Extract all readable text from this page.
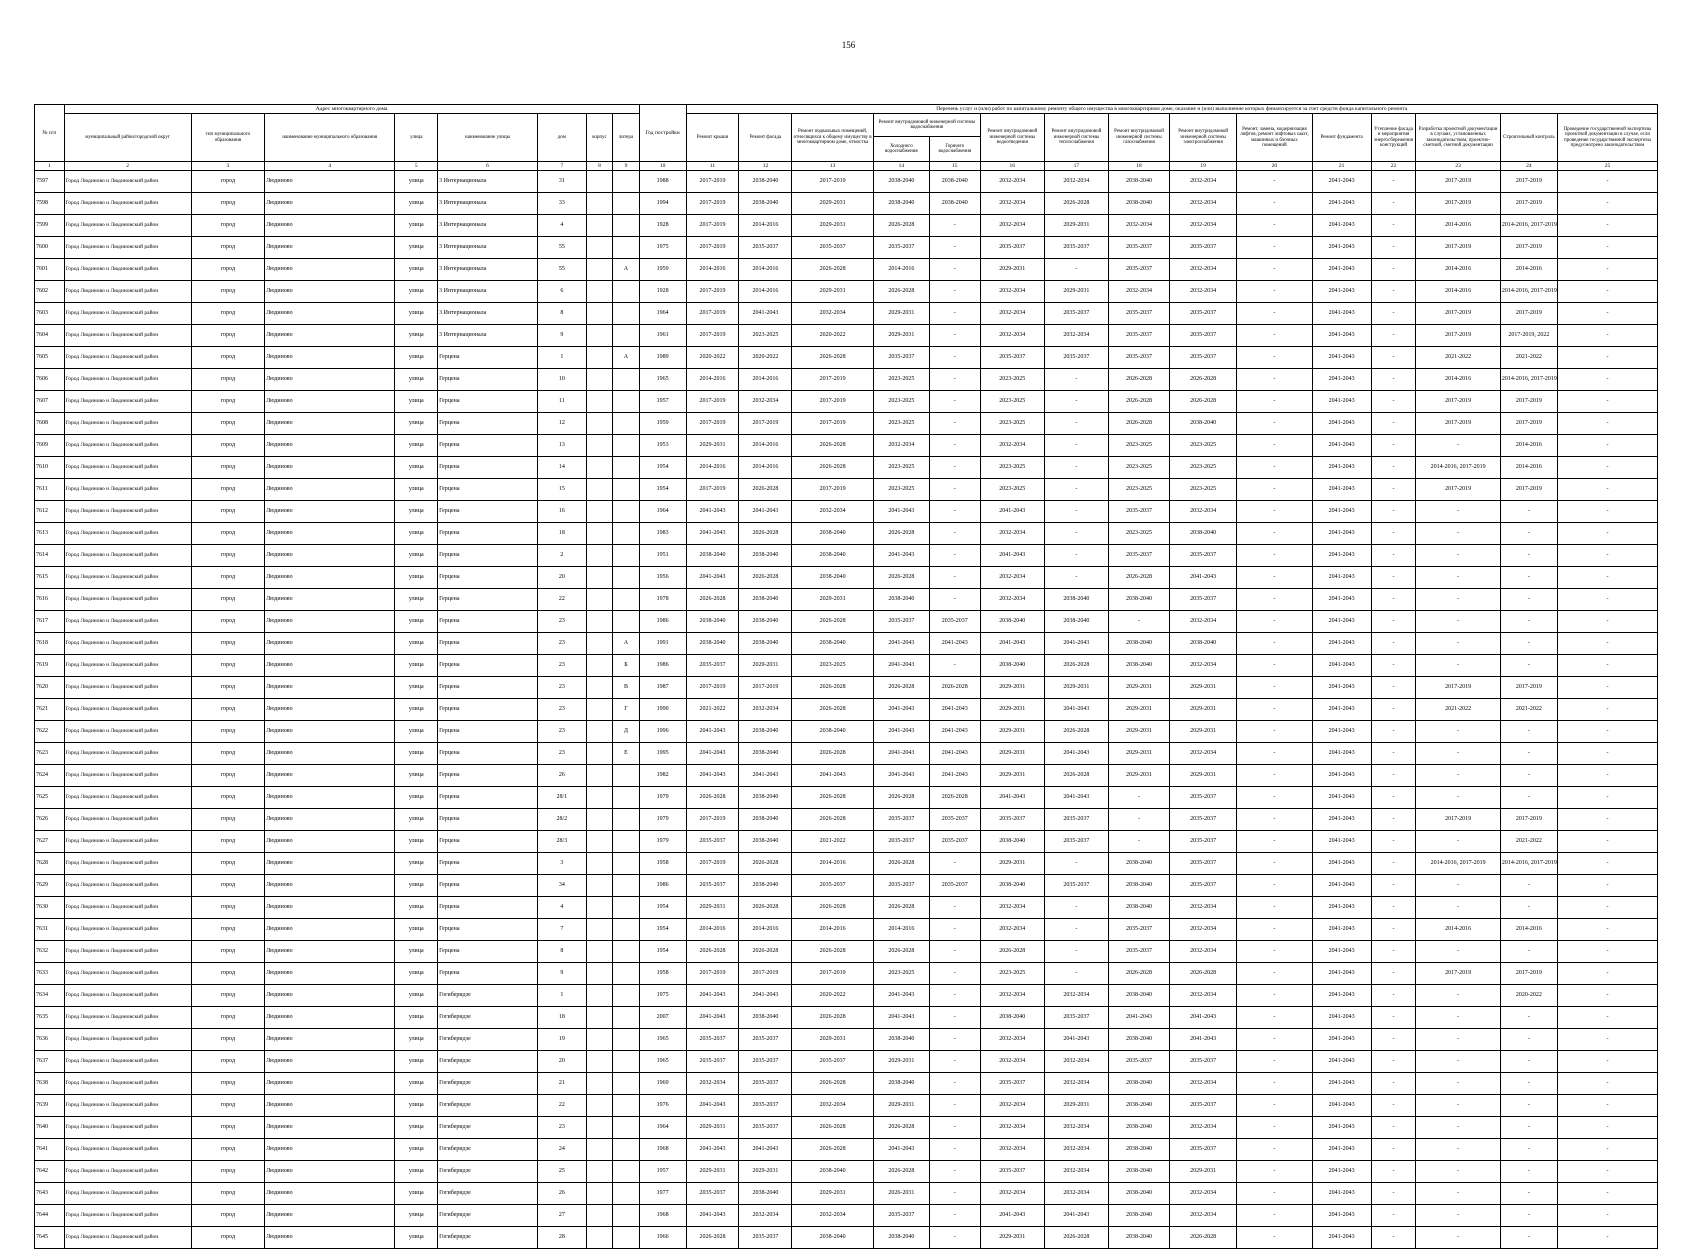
156
№ п/п	Адрес многоквартирного дома								Год постройки	Перечень услуг и (или) работ по капитальному ремонту общего имущества в многоквартирном доме, оказание и (или) выполнение которых финансируется за счет средств фонда капитального ремонта														
	муниципальный район/городской округ	тип муниципального образования	наименование муниципального образования	улица	наименование улицы	дом	корпус	литера		Ремонт крыши	Ремонт фасада	Ремонт подвальных помещений, относящихся к общему имуществу в многоквартирном доме, отмостка	Ремонт внутридомовой инженерной системы водоснабжения		Ремонт внутридомовой инженерной системы водоотведения	Ремонт внутридомовой инженерной системы теплоснабжения	Ремонт внутридомовой инженерной системы газоснабжения	Ремонт внутридомовой инженерной системы электроснабжения	Ремонт, замена, модернизация лифтов, ремонт лифтовых шахт, машинных и блочных помещений	Ремонт фундамента	Утепление фасада и мероприятия энергосбережения конструкций	Разработка проектной документации в случаях, установленных законодательством, проектно-сметной, сметной документации	Строительный контроль	Проведение государственной экспертизы проектной документации в случае, если проведение государственной экспертизы предусмотрено законодательством
													Холодного водоснабжения	Горячего водоснабжения										
1	2	3	4	5	6	7	8	9	10	11	12	13	14	15	16	17	18	19	20	21	22	23	24	25
7597	Город Людиново и Людиновский район	город	Людиново	улица	3 Интернационала	31			1988	2017-2019	2038-2040	2017-2019	2038-2040	2038-2040	2032-2034	2032-2034	2038-2040	2032-2034	-	2041-2043	-	2017-2019	2017-2019	-
7598	Город Людиново и Людиновский район	город	Людиново	улица	3 Интернационала	33			1994	2017-2019	2038-2040	2029-2031	2038-2040	2038-2040	2032-2034	2026-2028	2038-2040	2032-2034	-	2041-2043	-	2017-2019	2017-2019	-
7599	Город Людиново и Людиновский район	город	Людиново	улица	3 Интернационала	4			1928	2017-2019	2014-2016	2029-2031	2026-2028	-	2032-2034	2029-2031	2032-2034	2032-2034	-	2041-2043	-	2014-2016	2014-2016, 2017-2019	-
7600	Город Людиново и Людиновский район	город	Людиново	улица	3 Интернационала	55			1975	2017-2019	2035-2037	2035-2037	2035-2037	-	2035-2037	2035-2037	2035-2037	2035-2037	-	2041-2043	-	2017-2019	2017-2019	-
7601	Город Людиново и Людиновский район	город	Людиново	улица	3 Интернационала	55		А	1959	2014-2016	2014-2016	2026-2028	2014-2016	-	2029-2031	-	2035-2037	2032-2034	-	2041-2043	-	2014-2016	2014-2016	-
7602	Город Людиново и Людиновский район	город	Людиново	улица	3 Интернационала	6			1928	2017-2019	2014-2016	2029-2031	2026-2028	-	2032-2034	2029-2031	2032-2034	2032-2034	-	2041-2043	-	2014-2016	2014-2016, 2017-2019	-
7603	Город Людиново и Людиновский район	город	Людиново	улица	3 Интернационала	8			1964	2017-2019	2041-2043	2032-2034	2029-2031	-	2032-2034	2035-2037	2035-2037	2035-2037	-	2041-2043	-	2017-2019	2017-2019	-
7604	Город Людиново и Людиновский район	город	Людиново	улица	3 Интернационала	9			1961	2017-2019	2023-2025	2020-2022	2029-2031	-	2032-2034	2032-2034	2035-2037	2035-2037	-	2041-2043	-	2017-2019	2017-2019, 2022	-
7605	Город Людиново и Людиновский район	город	Людиново	улица	Герцена	1		А	1989	2020-2022	2020-2022	2026-2028	2035-2037	-	2035-2037	2035-2037	2035-2037	2035-2037	-	2041-2043	-	2021-2022	2021-2022	-
7606	Город Людиново и Людиновский район	город	Людиново	улица	Герцена	10			1965	2014-2016	2014-2016	2017-2019	2023-2025	-	2023-2025	-	2026-2028	2026-2028	-	2041-2043	-	2014-2016	2014-2016, 2017-2019	-
7607	Город Людиново и Людиновский район	город	Людиново	улица	Герцена	11			1957	2017-2019	2032-2034	2017-2019	2023-2025	-	2023-2025	-	2026-2028	2026-2028	-	2041-2043	-	2017-2019	2017-2019	-
7608	Город Людиново и Людиновский район	город	Людиново	улица	Герцена	12			1959	2017-2019	2017-2019	2017-2019	2023-2025	-	2023-2025	-	2026-2028	2038-2040	-	2041-2043	-	2017-2019	2017-2019	-
7609	Город Людиново и Людиновский район	город	Людиново	улица	Герцена	13			1953	2029-2031	2014-2016	2026-2028	2032-2034	-	2032-2034	-	2023-2025	2023-2025	-	2041-2043	-	-	2014-2016	-
7610	Город Людиново и Людиновский район	город	Людиново	улица	Герцена	14			1954	2014-2016	2014-2016	2026-2028	2023-2025	-	2023-2025	-	2023-2025	2023-2025	-	2041-2043	-	2014-2016, 2017-2019	2014-2016	-
7611	Город Людиново и Людиновский район	город	Людиново	улица	Герцена	15			1954	2017-2019	2026-2028	2017-2019	2023-2025	-	2023-2025	-	2023-2025	2023-2025	-	2041-2043	-	2017-2019	2017-2019	-
7612	Город Людиново и Людиновский район	город	Людиново	улица	Герцена	16			1964	2041-2043	2041-2043	2032-2034	2041-2043	-	2041-2043	-	2035-2037	2032-2034	-	2041-2043	-	-	-	-
7613	Город Людиново и Людиновский район	город	Людиново	улица	Герцена	18			1983	2041-2043	2026-2028	2038-2040	2026-2028	-	2032-2034	-	2023-2025	2038-2040	-	2041-2043	-	-	-	-
7614	Город Людиново и Людиновский район	город	Людиново	улица	Герцена	2			1951	2038-2040	2038-2040	2038-2040	2041-2043	-	2041-2043	-	2035-2037	2035-2037	-	2041-2043	-	-	-	-
7615	Город Людиново и Людиновский район	город	Людиново	улица	Герцена	20			1956	2041-2043	2026-2028	2038-2040	2026-2028	-	2032-2034	-	2026-2028	2041-2043	-	2041-2043	-	-	-	-
7616	Город Людиново и Людиновский район	город	Людиново	улица	Герцена	22			1978	2026-2028	2038-2040	2029-2031	2038-2040	-	2032-2034	2038-2040	2038-2040	2035-2037	-	2041-2043	-	-	-	-
7617	Город Людиново и Людиновский район	город	Людиново	улица	Герцена	23			1986	2038-2040	2038-2040	2026-2028	2035-2037	2035-2037	2038-2040	2038-2040	-	2032-2034	-	2041-2043	-	-	-	-
7618	Город Людиново и Людиновский район	город	Людиново	улица	Герцена	23		А	1991	2038-2040	2038-2040	2038-2040	2041-2043	2041-2043	2041-2043	2041-2043	2038-2040	2038-2040	-	2041-2043	-	-	-	-
7619	Город Людиново и Людиновский район	город	Людиново	улица	Герцена	23		Б	1986	2035-2037	2029-2031	2023-2025	2041-2043	-	2038-2040	2026-2028	2038-2040	2032-2034	-	2041-2043	-	-	-	-
7620	Город Людиново и Людиновский район	город	Людиново	улица	Герцена	23		В	1987	2017-2019	2017-2019	2026-2028	2026-2028	2026-2028	2029-2031	2029-2031	2029-2031	2029-2031	-	2041-2043	-	2017-2019	2017-2019	-
7621	Город Людиново и Людиновский район	город	Людиново	улица	Герцена	23		Г	1990	2021-2022	2032-2034	2026-2028	2041-2043	2041-2043	2029-2031	2041-2043	2029-2031	2029-2031	-	2041-2043	-	2021-2022	2021-2022	-
7622	Город Людиново и Людиновский район	город	Людиново	улица	Герцена	23		Д	1996	2041-2043	2038-2040	2038-2040	2041-2043	2041-2043	2029-2031	2026-2028	2029-2031	2029-2031	-	2041-2043	-	-	-	-
7623	Город Людиново и Людиновский район	город	Людиново	улица	Герцена	23		Е	1995	2041-2043	2038-2040	2026-2028	2041-2043	2041-2043	2029-2031	2041-2043	2029-2031	2032-2034	-	2041-2043	-	-	-	-
7624	Город Людиново и Людиновский район	город	Людиново	улица	Герцена	26			1982	2041-2043	2041-2043	2041-2043	2041-2043	2041-2043	2029-2031	2026-2028	2029-2031	2029-2031	-	2041-2043	-	-	-	-
7625	Город Людиново и Людиновский район	город	Людиново	улица	Герцена	28/1			1979	2026-2028	2038-2040	2026-2028	2026-2028	2026-2028	2041-2043	2041-2043	-	2035-2037	-	2041-2043	-	-	-	-
7626	Город Людиново и Людиновский район	город	Людиново	улица	Герцена	28/2			1979	2017-2019	2038-2040	2026-2028	2035-2037	2035-2037	2035-2037	2035-2037	-	2035-2037	-	2041-2043	-	2017-2019	2017-2019	-
7627	Город Людиново и Людиновский район	город	Людиново	улица	Герцена	28/3			1979	2035-2037	2038-2040	2021-2022	2035-2037	2035-2037	2038-2040	2035-2037	-	2035-2037	-	2041-2043	-	-	2021-2022	-
7628	Город Людиново и Людиновский район	город	Людиново	улица	Герцена	3			1958	2017-2019	2026-2028	2014-2016	2026-2028	-	2029-2031	-	2038-2040	2035-2037	-	2041-2043	-	2014-2016, 2017-2019	2014-2016, 2017-2019	-
7629	Город Людиново и Людиновский район	город	Людиново	улица	Герцена	34			1986	2035-2037	2038-2040	2035-2037	2035-2037	2035-2037	2038-2040	2035-2037	2038-2040	2035-2037	-	2041-2043	-	-	-	-
7630	Город Людиново и Людиновский район	город	Людиново	улица	Герцена	4			1954	2029-2031	2026-2028	2026-2028	2026-2028	-	2032-2034	-	2038-2040	2032-2034	-	2041-2043	-	-	-	-
7631	Город Людиново и Людиновский район	город	Людиново	улица	Герцена	7			1954	2014-2016	2014-2016	2014-2016	2014-2016	-	2032-2034	-	2035-2037	2032-2034	-	2041-2043	-	2014-2016	2014-2016	-
7632	Город Людиново и Людиновский район	город	Людиново	улица	Герцена	8			1954	2026-2028	2026-2028	2026-2028	2026-2028	-	2026-2028	-	2035-2037	2032-2034	-	2041-2043	-	-	-	-
7633	Город Людиново и Людиновский район	город	Людиново	улица	Герцена	9			1958	2017-2019	2017-2019	2017-2019	2023-2025	-	2023-2025	-	2026-2028	2026-2028	-	2041-2043	-	2017-2019	2017-2019	-
7634	Город Людиново и Людиновский район	город	Людиново	улица	Гогиберидзе	1			1975	2041-2043	2041-2043	2020-2022	2041-2043	-	2032-2034	2032-2034	2038-2040	2032-2034	-	2041-2043	-	-	2020-2022	-
7635	Город Людиново и Людиновский район	город	Людиново	улица	Гогиберидзе	18			2007	2041-2043	2038-2040	2026-2028	2041-2043	-	2038-2040	2035-2037	2041-2043	2041-2043	-	2041-2043	-	-	-	-
7636	Город Людиново и Людиновский район	город	Людиново	улица	Гогиберидзе	19			1965	2035-2037	2035-2037	2029-2031	2038-2040	-	2032-2034	2041-2043	2038-2040	2041-2043	-	2041-2043	-	-	-	-
7637	Город Людиново и Людиновский район	город	Людиново	улица	Гогиберидзе	20			1965	2035-2037	2035-2037	2035-2037	2029-2031	-	2032-2034	2032-2034	2035-2037	2035-2037	-	2041-2043	-	-	-	-
7638	Город Людиново и Людиновский район	город	Людиново	улица	Гогиберидзе	21			1969	2032-2034	2035-2037	2026-2028	2038-2040	-	2035-2037	2032-2034	2038-2040	2032-2034	-	2041-2043	-	-	-	-
7639	Город Людиново и Людиновский район	город	Людиново	улица	Гогиберидзе	22			1976	2041-2043	2035-2037	2032-2034	2029-2031	-	2032-2034	2029-2031	2038-2040	2035-2037	-	2041-2043	-	-	-	-
7640	Город Людиново и Людиновский район	город	Людиново	улица	Гогиберидзе	23			1964	2029-2031	2035-2037	2026-2028	2026-2028	-	2032-2034	2032-2034	2038-2040	2032-2034	-	2041-2043	-	-	-	-
7641	Город Людиново и Людиновский район	город	Людиново	улица	Гогиберидзе	24			1968	2041-2043	2041-2043	2026-2028	2041-2043	-	2032-2034	2032-2034	2038-2040	2035-2037	-	2041-2043	-	-	-	-
7642	Город Людиново и Людиновский район	город	Людиново	улица	Гогиберидзе	25			1957	2029-2031	2029-2031	2038-2040	2026-2028	-	2035-2037	2032-2034	2038-2040	2029-2031	-	2041-2043	-	-	-	-
7643	Город Людиново и Людиновский район	город	Людиново	улица	Гогиберидзе	26			1977	2035-2037	2038-2040	2029-2031	2026-2031	-	2032-2034	2032-2034	2038-2040	2032-2034	-	2041-2043	-	-	-	-
7644	Город Людиново и Людиновский район	город	Людиново	улица	Гогиберидзе	27			1968	2041-2043	2032-2034	2032-2034	2035-2037	-	2041-2043	2041-2043	2038-2040	2032-2034	-	2041-2043	-	-	-	-
7645	Город Людиново и Людиновский район	город	Людиново	улица	Гогиберидзе	28			1966	2026-2028	2035-2037	2038-2040	2038-2040	-	2029-2031	2026-2028	2038-2040	2026-2028	-	2041-2043	-	-	-	-
